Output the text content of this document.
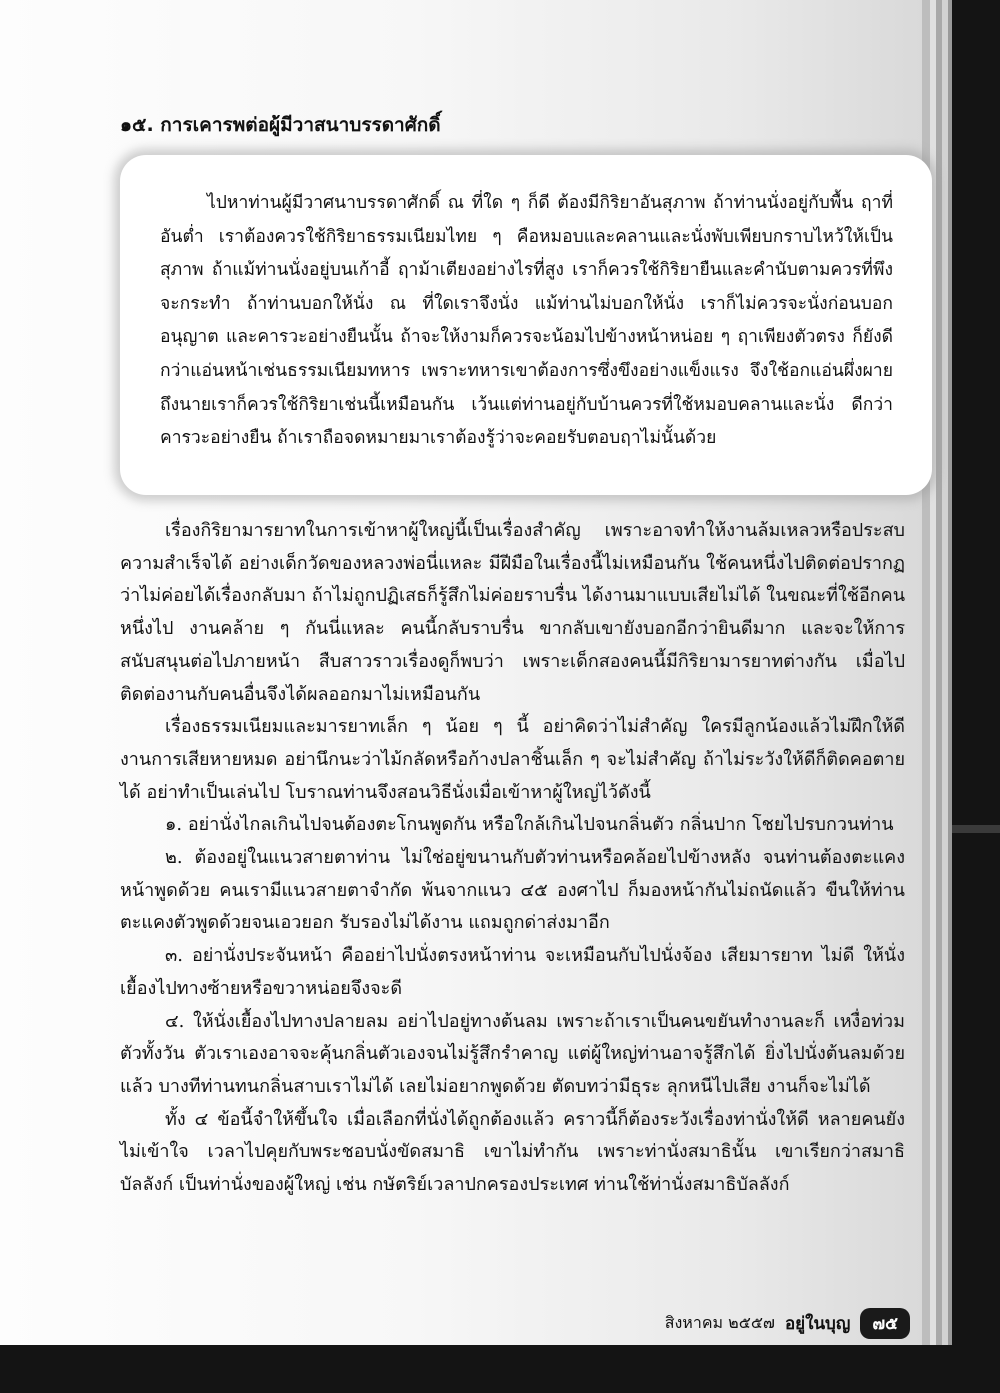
๑๕. การเคารพต่อผู้มีวาสนาบรรดาศักดิ์

ไปหาท่านผู้มีวาศนาบรรดาศักดิ์ ณ ที่ใด ๆ ก็ดี ต้องมีกิริยาอันสุภาพ ถ้าท่านนั่งอยู่กับพื้น ฤาที่อันต่ำ เราต้องควรใช้กิริยาธรรมเนียมไทย ๆ คือหมอบและคลานและนั่งพับเพียบกราบไหว้ให้เป็นสุภาพ ถ้าแม้ท่านนั่งอยู่บนเก้าอี้ ฤาม้าเตียงอย่างไรที่สูง เราก็ควรใช้กิริยายืนและคำนับตามควรที่พึงจะกระทำ ถ้าท่านบอกให้นั่ง ณ ที่ใดเราจึงนั่ง แม้ท่านไม่บอกให้นั่ง เราก็ไม่ควรจะนั่งก่อนบอกอนุญาต และคารวะอย่างยืนนั้น ถ้าจะให้งามก็ควรจะน้อมไปข้างหน้าหน่อย ๆ ฤาเพียงตัวตรง ก็ยังดีกว่าแอ่นหน้าเช่นธรรมเนียมทหาร เพราะทหารเขาต้องการซึ่งขึงอย่างแข็งแรง จึงใช้อกแอ่นผึ่งผาย ถึงนายเราก็ควรใช้กิริยาเช่นนี้เหมือนกัน เว้นแต่ท่านอยู่กับบ้านควรที่ใช้หมอบคลานและนั่ง ดีกว่าคารวะอย่างยืน ถ้าเราถือจดหมายมาเราต้องรู้ว่าจะคอยรับตอบฤาไม่นั้นด้วย

เรื่องกิริยามารยาทในการเข้าหาผู้ใหญ่นี้เป็นเรื่องสำคัญ เพราะอาจทำให้งานล้มเหลวหรือประสบความสำเร็จได้ อย่างเด็กวัดของหลวงพ่อนี่แหละ มีฝีมือในเรื่องนี้ไม่เหมือนกัน ใช้คนหนึ่งไปติดต่อปรากฏว่าไม่ค่อยได้เรื่องกลับมา ถ้าไม่ถูกปฏิเสธก็รู้สึกไม่ค่อยราบรื่น ได้งานมาแบบเสียไม่ได้ ในขณะที่ใช้อีกคนหนึ่งไป งานคล้าย ๆ กันนี่แหละ คนนี้กลับราบรื่น ขากลับเขายังบอกอีกว่ายินดีมาก และจะให้การสนับสนุนต่อไปภายหน้า สืบสาวราวเรื่องดูก็พบว่า เพราะเด็กสองคนนี้มีกิริยามารยาทต่างกัน เมื่อไปติดต่องานกับคนอื่นจึงได้ผลออกมาไม่เหมือนกัน

เรื่องธรรมเนียมและมารยาทเล็ก ๆ น้อย ๆ นี้ อย่าคิดว่าไม่สำคัญ ใครมีลูกน้องแล้วไม่ฝึกให้ดี งานการเสียหายหมด อย่านึกนะว่าไม้กลัดหรือก้างปลาชิ้นเล็ก ๆ จะไม่สำคัญ ถ้าไม่ระวังให้ดีก็ติดคอตายได้ อย่าทำเป็นเล่นไป โบราณท่านจึงสอนวิธีนั่งเมื่อเข้าหาผู้ใหญ่ไว้ดังนี้

๑. อย่านั่งไกลเกินไปจนต้องตะโกนพูดกัน หรือใกล้เกินไปจนกลิ่นตัว กลิ่นปาก โชยไปรบกวนท่าน

๒. ต้องอยู่ในแนวสายตาท่าน ไม่ใช่อยู่ขนานกับตัวท่านหรือคล้อยไปข้างหลัง จนท่านต้องตะแคงหน้าพูดด้วย คนเรามีแนวสายตาจำกัด พ้นจากแนว ๔๕ องศาไป ก็มองหน้ากันไม่ถนัดแล้ว ขืนให้ท่านตะแคงตัวพูดด้วยจนเอวยอก รับรองไม่ได้งาน แถมถูกด่าส่งมาอีก

๓. อย่านั่งประจันหน้า คืออย่าไปนั่งตรงหน้าท่าน จะเหมือนกับไปนั่งจ้อง เสียมารยาท ไม่ดี ให้นั่งเยื้องไปทางซ้ายหรือขวาหน่อยจึงจะดี

๔. ให้นั่งเยื้องไปทางปลายลม อย่าไปอยู่ทางต้นลม เพราะถ้าเราเป็นคนขยันทำงานละก็ เหงื่อท่วมตัวทั้งวัน ตัวเราเองอาจจะคุ้นกลิ่นตัวเองจนไม่รู้สึกรำคาญ แต่ผู้ใหญ่ท่านอาจรู้สึกได้ ยิ่งไปนั่งต้นลมด้วยแล้ว บางทีท่านทนกลิ่นสาบเราไม่ได้ เลยไม่อยากพูดด้วย ตัดบทว่ามีธุระ ลุกหนีไปเสีย งานก็จะไม่ได้

ทั้ง ๔ ข้อนี้จำให้ขึ้นใจ เมื่อเลือกที่นั่งได้ถูกต้องแล้ว คราวนี้ก็ต้องระวังเรื่องท่านั่งให้ดี หลายคนยังไม่เข้าใจ เวลาไปคุยกับพระชอบนั่งขัดสมาธิ เขาไม่ทำกัน เพราะท่านั่งสมาธินั้น เขาเรียกว่าสมาธิบัลลังก์ เป็นท่านั่งของผู้ใหญ่ เช่น กษัตริย์เวลาปกครองประเทศ ท่านใช้ท่านั่งสมาธิบัลลังก์

สิงหาคม ๒๕๕๗ อยู่ในบุญ	๗๕
